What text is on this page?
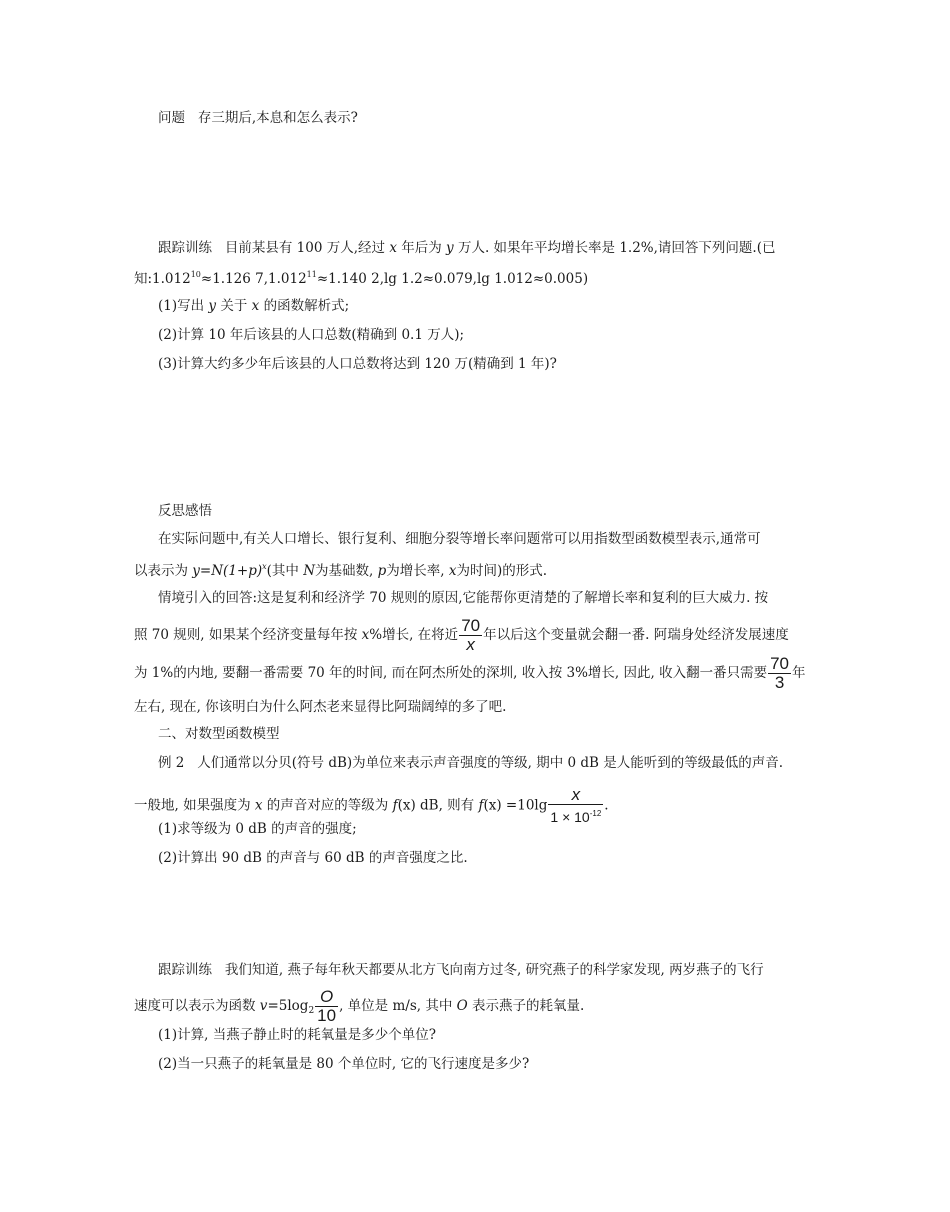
问题 存三期后,本息和怎么表示?
跟踪训练 目前某县有 100 万人,经过 x 年后为 y 万人. 如果年平均增长率是 1.2%,请回答下列问题.(已
知$:1.012^{10}\approx 1.126$ $7,1.012^{11}\approx 1.140$ 2,lg 1.2≈0.079,lg 1.012≈0.005)
(1)写出 y 关于 x 的函数解析式;
(2)计算 10 年后该县的人口总数(精确到 0.1 万人);
(3)计算大约多少年后该县的人口总数将达到 120 万(精确到 1 年)?
反思感悟
在实际问题中,有关人口增长、银行复利、细胞分裂等增长率问题常可以用指数型函数模型表示,通常可
以表示为 $y=N(1+p)^x$(其中 N为基础数, p为增长率, x为时间)的形式.
情境引入的回答:这是复利和经济学 70 规则的原因,它能帮你更清楚的了解增长率和复利的巨大威力. 按
照 70 规则, 如果某个经济变量每年按 x%增长, 在将近 $\frac{70}{x}$ 年以后这个变量就会翻一番. 阿瑞身处经济发展速度
为 1%的内地, 要翻一番需要 70 年的时间, 而在阿杰所处的深圳, 收入按 3%增长, 因此, 收入翻一番只需要 $\frac{70}{3}$ 年
左右, 现在, 你该明白为什么阿杰老来显得比阿瑞阔绰的多了吧.
二、对数型函数模型
例 2 人们通常以分贝(符号 dB)为单位来表示声音强度的等级, 期中 0 dB 是人能听到的等级最低的声音.
一般地, 如果强度为 x 的声音对应的等级为 f(x) dB, 则有 $f(x) =10\lg \frac{x}{1 \times 10^{-12}}$ .
(1)求等级为 0 dB 的声音的强度;
(2)计算出 90 dB 的声音与 60 dB 的声音强度之比.
跟踪训练 我们知道, 燕子每年秋天都要从北方飞向南方过冬, 研究燕子的科学家发现, 两岁燕子的飞行
速度可以表示为函数 $v=5\log_2 \frac{O}{10}$ , 单位是 m/s, 其中 O 表示燕子的耗氧量.
(1)计算, 当燕子静止时的耗氧量是多少个单位?
(2)当一只燕子的耗氧量是 80 个单位时, 它的飞行速度是多少?
